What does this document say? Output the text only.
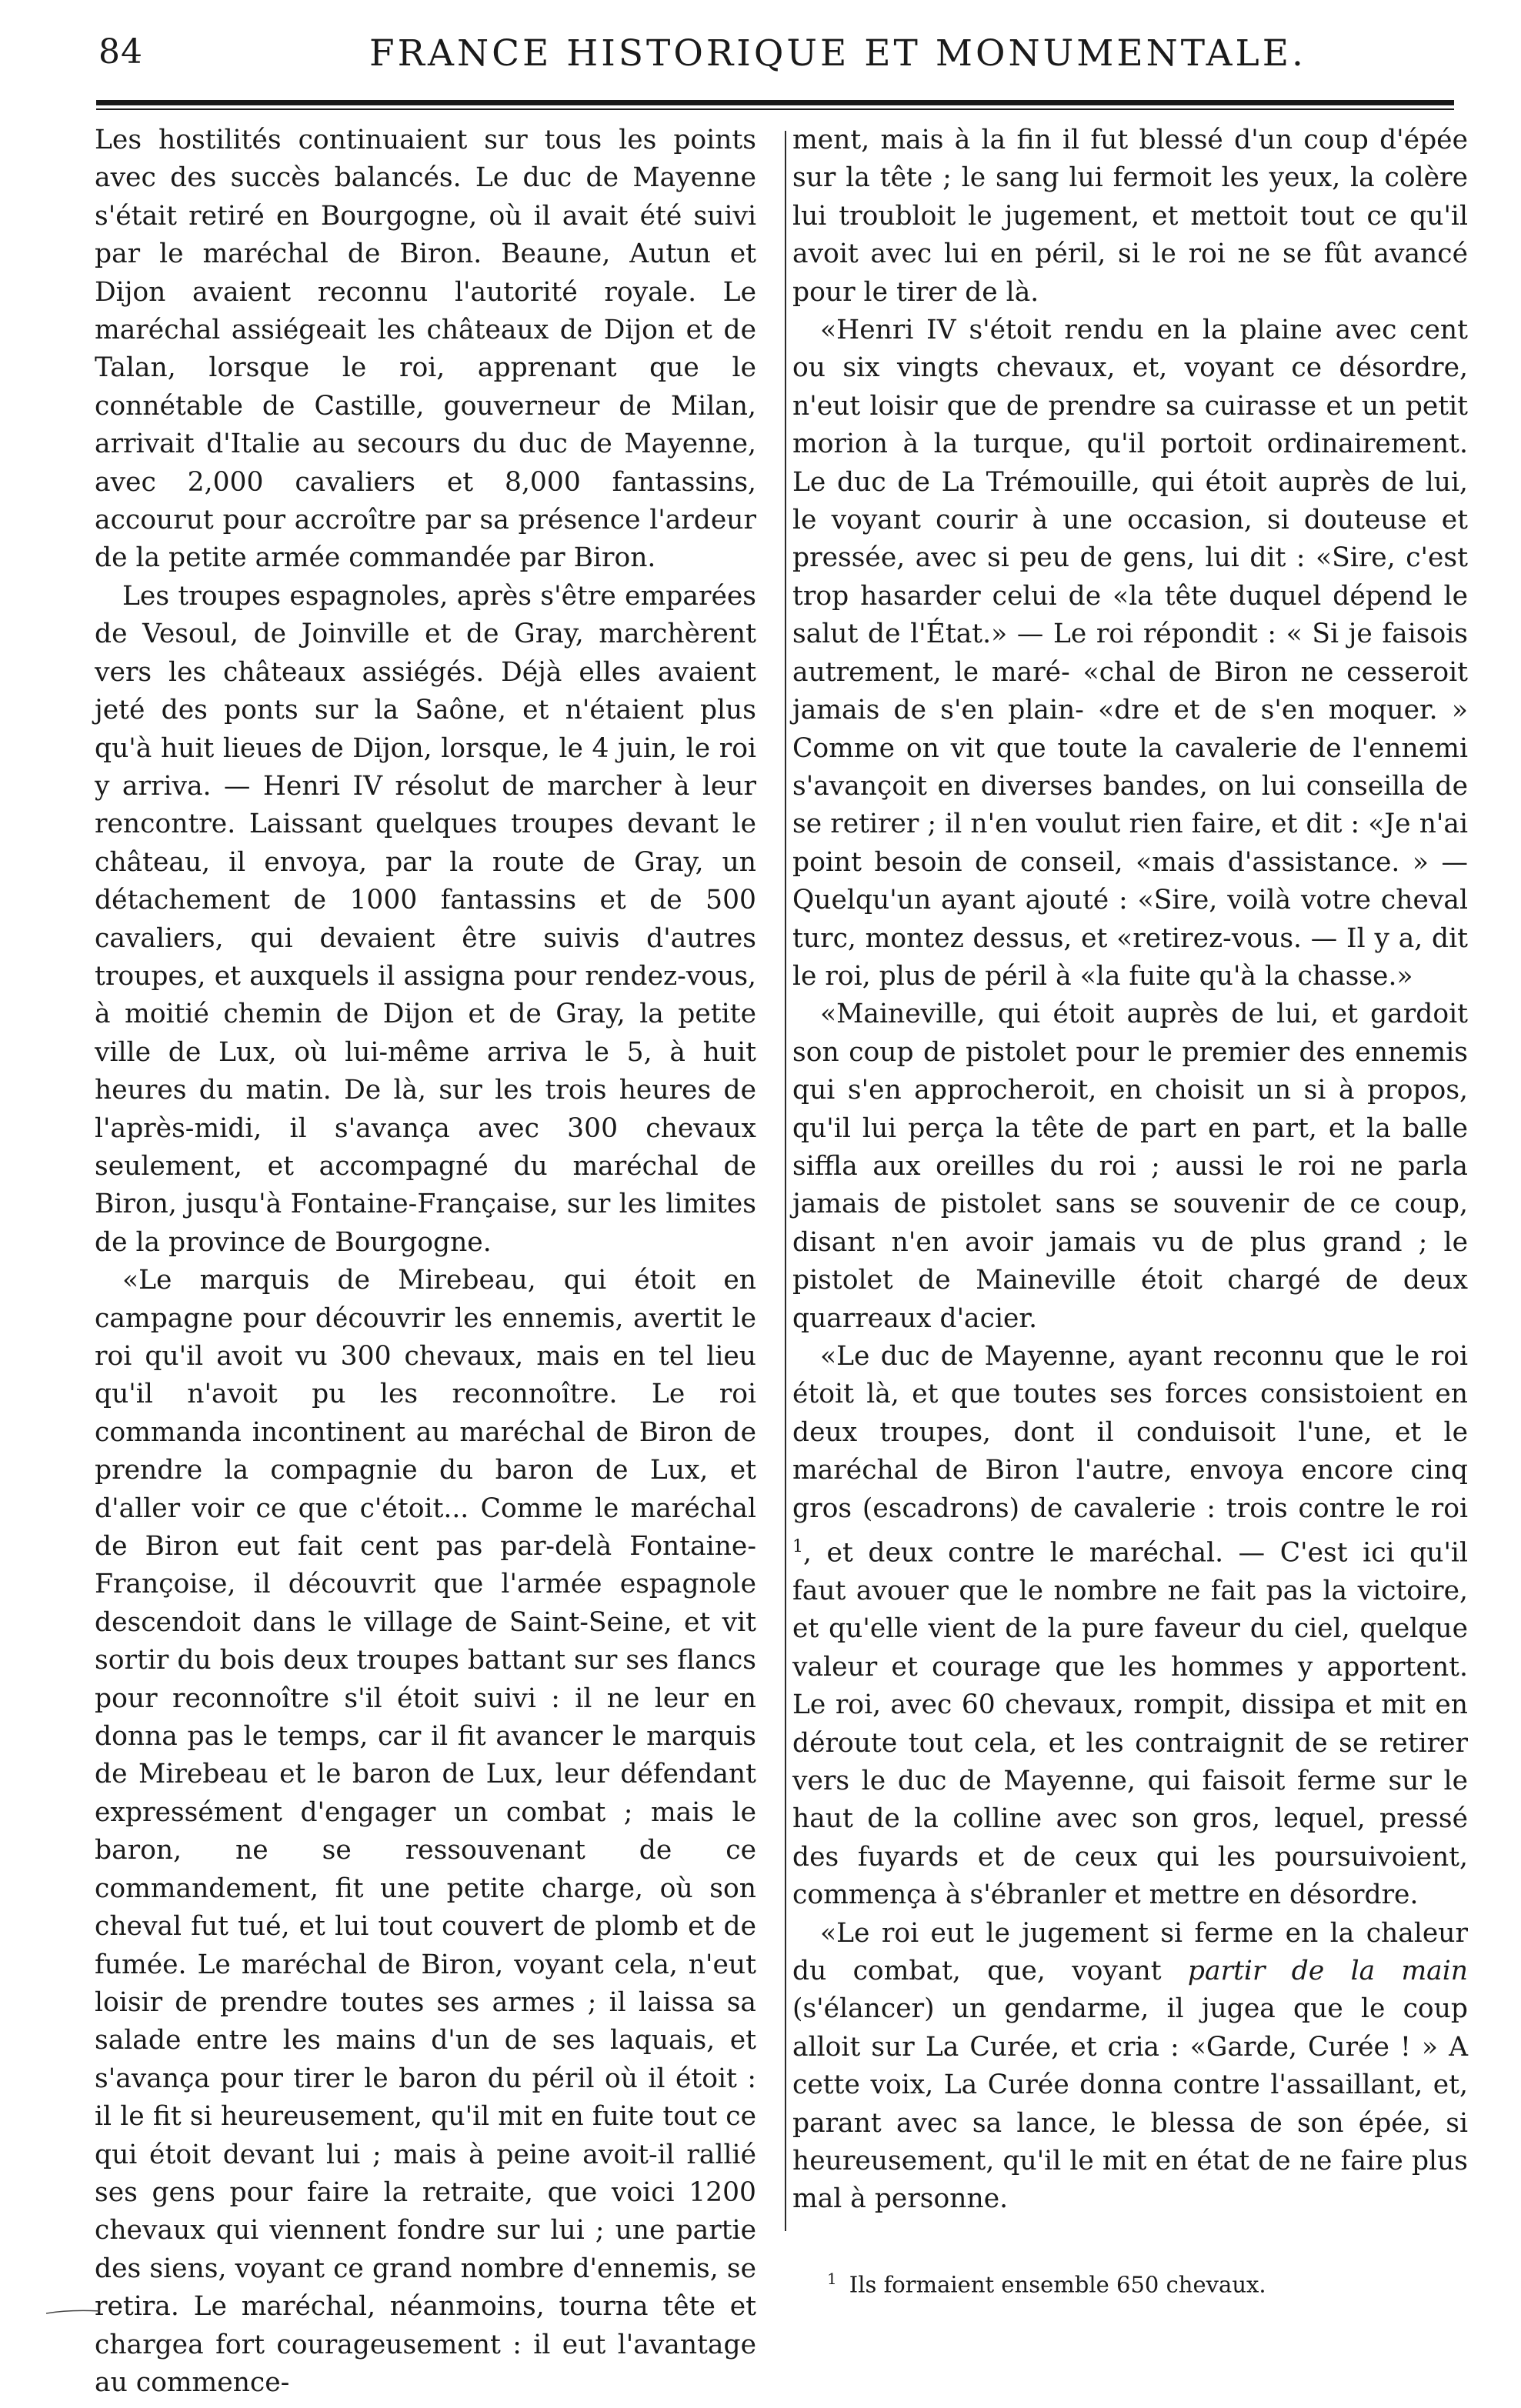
84	FRANCE HISTORIQUE ET MONUMENTALE.

Les hostilités continuaient sur tous les points avec des succès balancés. Le duc de Mayenne s'était retiré en Bourgogne, où il avait été suivi par le maréchal de Biron. Beaune, Autun et Dijon avaient reconnu l'autorité royale. Le maréchal assiégeait les châteaux de Dijon et de Talan, lorsque le roi, apprenant que le connétable de Castille, gouverneur de Milan, arrivait d'Italie au secours du duc de Mayenne, avec 2,000 cavaliers et 8,000 fantassins, accourut pour accroître par sa présence l'ardeur de la petite armée commandée par Biron.

Les troupes espagnoles, après s'être emparées de Vesoul, de Joinville et de Gray, marchèrent vers les châteaux assiégés. Déjà elles avaient jeté des ponts sur la Saône, et n'étaient plus qu'à huit lieues de Dijon, lorsque, le 4 juin, le roi y arriva. — Henri IV résolut de marcher à leur rencontre. Laissant quelques troupes devant le château, il envoya, par la route de Gray, un détachement de 1000 fantassins et de 500 cavaliers, qui devaient être suivis d'autres troupes, et auxquels il assigna pour rendez-vous, à moitié chemin de Dijon et de Gray, la petite ville de Lux, où lui-même arriva le 5, à huit heures du matin. De là, sur les trois heures de l'après-midi, il s'avança avec 300 chevaux seulement, et accompagné du maréchal de Biron, jusqu'à Fontaine-Française, sur les limites de la province de Bourgogne.

«Le marquis de Mirebeau, qui étoit en campagne pour découvrir les ennemis, avertit le roi qu'il avoit vu 300 chevaux, mais en tel lieu qu'il n'avoit pu les reconnoître. Le roi commanda incontinent au maréchal de Biron de prendre la compagnie du baron de Lux, et d'aller voir ce que c'étoit... Comme le maréchal de Biron eut fait cent pas par-delà Fontaine-Françoise, il découvrit que l'armée espagnole descendoit dans le village de Saint-Seine, et vit sortir du bois deux troupes battant sur ses flancs pour reconnoître s'il étoit suivi : il ne leur en donna pas le temps, car il fit avancer le marquis de Mirebeau et le baron de Lux, leur défendant expressément d'engager un combat ; mais le baron, ne se ressouvenant de ce commandement, fit une petite charge, où son cheval fut tué, et lui tout couvert de plomb et de fumée. Le maréchal de Biron, voyant cela, n'eut loisir de prendre toutes ses armes ; il laissa sa salade entre les mains d'un de ses laquais, et s'avança pour tirer le baron du péril où il étoit : il le fit si heureusement, qu'il mit en fuite tout ce qui étoit devant lui ; mais à peine avoit-il rallié ses gens pour faire la retraite, que voici 1200 chevaux qui viennent fondre sur lui ; une partie des siens, voyant ce grand nombre d'ennemis, se retira. Le maréchal, néanmoins, tourna tête et chargea fort courageusement : il eut l'avantage au commence-

ment, mais à la fin il fut blessé d'un coup d'épée sur la tête ; le sang lui fermoit les yeux, la colère lui troubloit le jugement, et mettoit tout ce qu'il avoit avec lui en péril, si le roi ne se fût avancé pour le tirer de là.

«Henri IV s'étoit rendu en la plaine avec cent ou six vingts chevaux, et, voyant ce désordre, n'eut loisir que de prendre sa cuirasse et un petit morion à la turque, qu'il portoit ordinairement. Le duc de La Trémouille, qui étoit auprès de lui, le voyant courir à une occasion, si douteuse et pressée, avec si peu de gens, lui dit : «Sire, c'est trop hasarder celui de «la tête duquel dépend le salut de l'État.» — Le roi répondit : « Si je faisois autrement, le maré- «chal de Biron ne cesseroit jamais de s'en plain- «dre et de s'en moquer. » Comme on vit que toute la cavalerie de l'ennemi s'avançoit en diverses bandes, on lui conseilla de se retirer ; il n'en voulut rien faire, et dit : «Je n'ai point besoin de conseil, «mais d'assistance. » — Quelqu'un ayant ajouté : «Sire, voilà votre cheval turc, montez dessus, et «retirez-vous. — Il y a, dit le roi, plus de péril à «la fuite qu'à la chasse.»

«Maineville, qui étoit auprès de lui, et gardoit son coup de pistolet pour le premier des ennemis qui s'en approcheroit, en choisit un si à propos, qu'il lui perça la tête de part en part, et la balle siffla aux oreilles du roi ; aussi le roi ne parla jamais de pistolet sans se souvenir de ce coup, disant n'en avoir jamais vu de plus grand ; le pistolet de Maineville étoit chargé de deux quarreaux d'acier.

«Le duc de Mayenne, ayant reconnu que le roi étoit là, et que toutes ses forces consistoient en deux troupes, dont il conduisoit l'une, et le maréchal de Biron l'autre, envoya encore cinq gros (escadrons) de cavalerie : trois contre le roi $^1$, et deux contre le maréchal. — C'est ici qu'il faut avouer que le nombre ne fait pas la victoire, et qu'elle vient de la pure faveur du ciel, quelque valeur et courage que les hommes y apportent. Le roi, avec 60 chevaux, rompit, dissipa et mit en déroute tout cela, et les contraignit de se retirer vers le duc de Mayenne, qui faisoit ferme sur le haut de la colline avec son gros, lequel, pressé des fuyards et de ceux qui les poursuivoient, commença à s'ébranler et mettre en désordre.

«Le roi eut le jugement si ferme en la chaleur du combat, que, voyant partir de la main (s'élancer) un gendarme, il jugea que le coup alloit sur La Curée, et cria : «Garde, Curée ! » A cette voix, La Curée donna contre l'assaillant, et, parant avec sa lance, le blessa de son épée, si heureusement, qu'il le mit en état de ne faire plus mal à personne.

$^1$ Ils formaient ensemble 650 chevaux.
